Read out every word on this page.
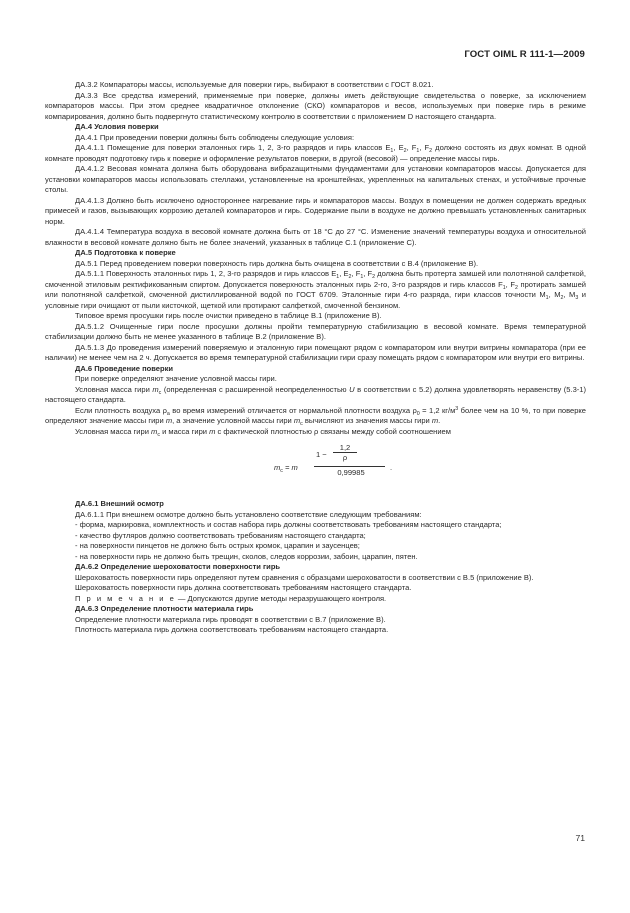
ГОСТ OIML R 111-1—2009

ДА.3.2 Компараторы массы, используемые для поверки гирь, выбирают в соответствии с ГОСТ 8.021.

ДА.3.3 Все средства измерений, применяемые при поверке, должны иметь действующие свидетельства о поверке, за исключением компараторов массы. При этом среднее квадратичное отклонение (СКО) компараторов и весов, используемых при поверке гирь в режиме компарирования, должно быть подвергнуто статистическому контролю в соответствии с приложением D настоящего стандарта.

ДА.4 Условия поверки

ДА.4.1 При проведении поверки должны быть соблюдены следующие условия:

ДА.4.1.1 Помещение для поверки эталонных гирь 1, 2, 3-го разрядов и гирь классов $E_1$, $E_2$, $F_1$, $F_2$ должно состоять из двух комнат. В одной комнате проводят подготовку гирь к поверке и оформление результатов поверки, в другой (весовой) — определение массы гирь.

ДА.4.1.2 Весовая комната должна быть оборудована вибрazащитными фундаментами для установки компараторов массы. Допускается для установки компараторов массы использовать стеллажи, установленные на кронштейнах, укрепленных на капитальных стенах, и устойчивые прочные столы.

ДА.4.1.3 Должно быть исключено одностороннее нагревание гирь и компараторов массы. Воздух в помещении не должен содержать вредных примесей и газов, вызывающих коррозию деталей компараторов и гирь. Содержание пыли в воздухе не должно превышать установленных санитарных норм.

ДА.4.1.4 Температура воздуха в весовой комнате должна быть от 18 °С до 27 °С. Изменение значений температуры воздуха и относительной влажности в весовой комнате должно быть не более значений, указанных в таблице С.1 (приложение С).

ДА.5 Подготовка к поверке

ДА.5.1 Перед проведением поверки поверхность гирь должна быть очищена в соответствии с В.4 (приложение В).

ДА.5.1.1 Поверхность эталонных гирь 1, 2, 3-го разрядов и гирь классов $E_1$, $E_2$, $F_1$, $F_2$ должна быть протерта замшей или полотняной салфеткой, смоченной этиловым ректификованным спиртом. Допускается поверхность эталонных гирь 2-го, 3-го разрядов и гирь классов $F_1$, $F_2$ протирать замшей или полотняной салфеткой, смоченной дистиллированной водой по ГОСТ 6709. Эталонные гири 4-го разряда, гири классов точности $M_1$, $M_2$, $M_3$ и условные гири очищают от пыли кисточкой, щеткой или протирают салфеткой, смоченной бензином.

Типовое время просушки гирь после очистки приведено в таблице В.1 (приложение В).

ДА.5.1.2 Очищенные гири после просушки должны пройти температурную стабилизацию в весовой комнате. Время температурной стабилизации должно быть не менее указанного в таблице В.2 (приложение В).

ДА.5.1.3 До проведения измерений поверяемую и эталонную гири помещают рядом с компаратором или внутри витрины компаратора (при ее наличии) не менее чем на 2 ч. Допускается во время температурной стабилизации гири сразу помещать рядом с компаратором или внутри его витрины.

ДА.6 Проведение поверки

При поверке определяют значение условной массы гири.

Условная масса гири $m_c$ (определенная с расширенной неопределенностью U в соответствии с 5.2) должна удовлетворять неравенству (5.3-1) настоящего стандарта.

Если плотность воздуха $\rho_a$ во время измерений отличается от нормальной плотности воздуха $\rho_0 = 1,2$ $кг/м^3$ более чем на 10 %, то при поверке определяют значение массы гири m, а значение условной массы гири $m_c$ вычисляют из значения массы гири m.

Условная масса гири $m_c$ и масса гири m с фактической плотностью ρ связаны между собой соотношением

$m_c = m$
1 −
1,2
ρ
0,99985
.

ДА.6.1 Внешний осмотр

ДА.6.1.1 При внешнем осмотре должно быть установлено соответствие следующим требованиям:

- форма, маркировка, комплектность и состав набора гирь должны соответствовать требованиям настоящего стандарта;

- качество футляров должно соответствовать требованиям настоящего стандарта;

- на поверхности пинцетов не должно быть острых кромок, царапин и заусенцев;

- на поверхности гирь не должно быть трещин, сколов, следов коррозии, забоин, царапин, пятен.

ДА.6.2 Определение шероховатости поверхности гирь

Шероховатость поверхности гирь определяют путем сравнения с образцами шероховатости в соответствии с В.5 (приложение В).

Шероховатость поверхности гирь должна соответствовать требованиям настоящего стандарта.

П р и м е ч а н и е — Допускаются другие методы неразрушающего контроля.

ДА.6.3 Определение плотности материала гирь

Определение плотности материала гирь проводят в соответствии с В.7 (приложение В).

Плотность материала гирь должна соответствовать требованиям настоящего стандарта.

71
